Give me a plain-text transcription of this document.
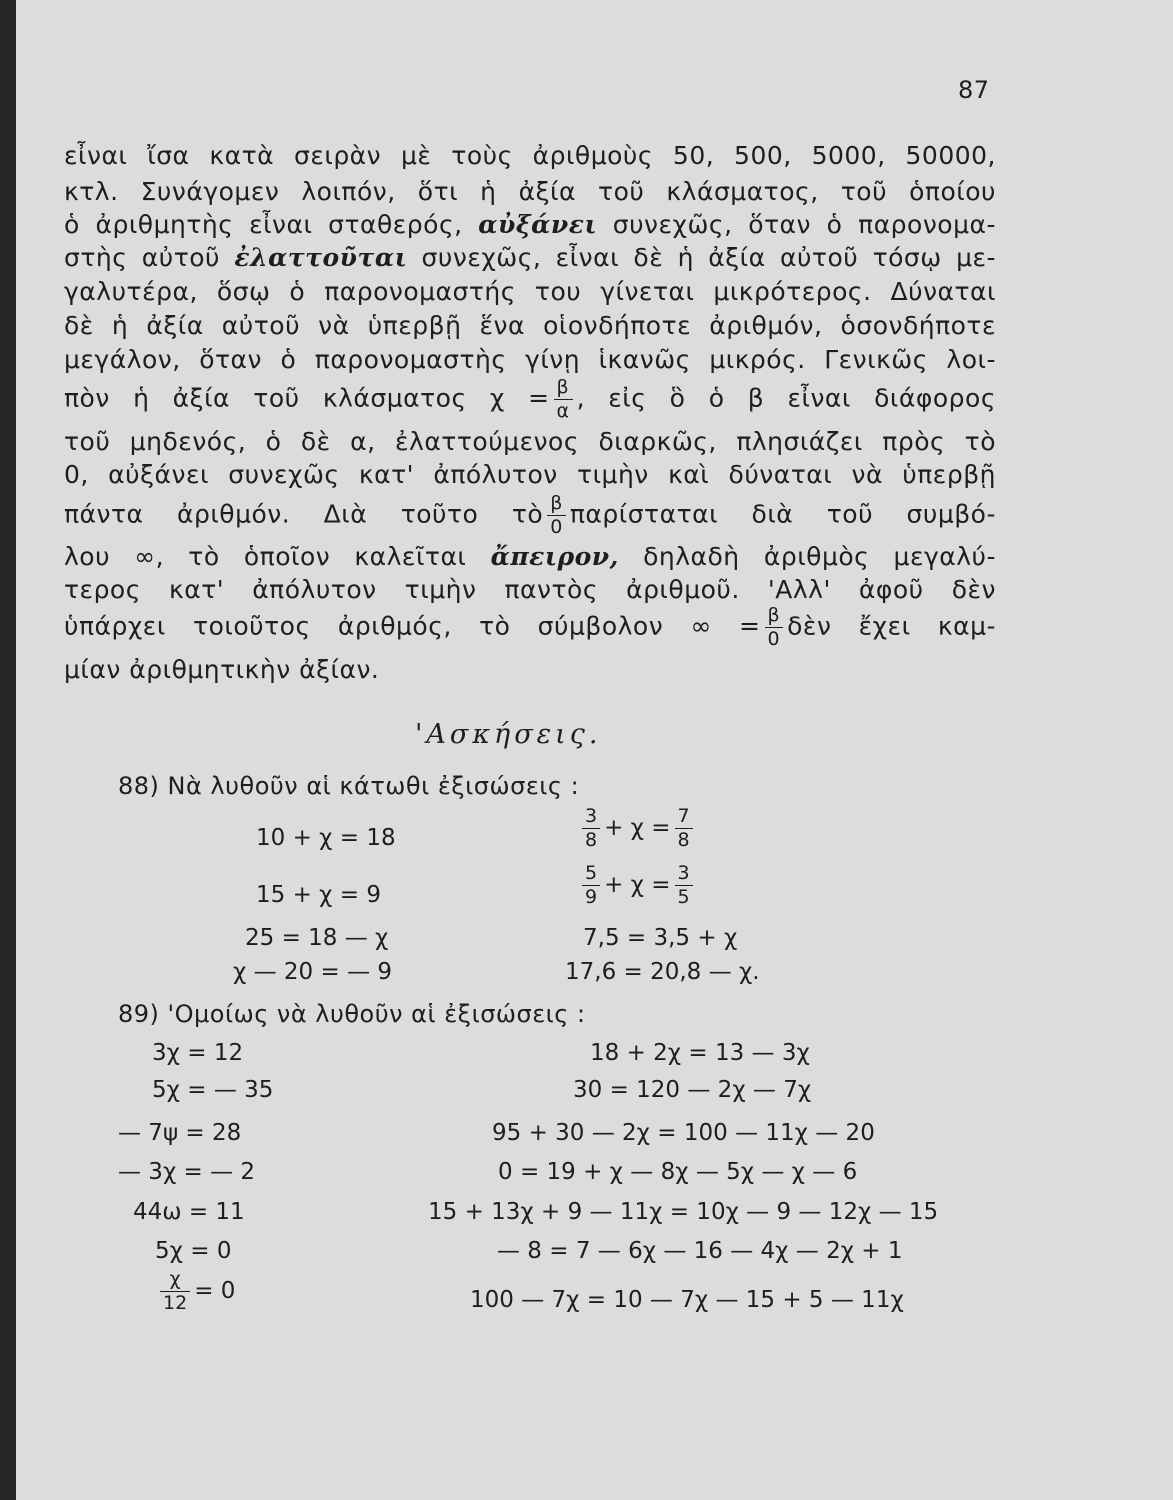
87
εἶναι ἴσα κατὰ σειρὰν μὲ τοὺς ἀριθμοὺς 50, 500, 5000, 50000,
κτλ. Συνάγομεν λοιπόν, ὅτι ἡ ἀξία τοῦ κλάσματος, τοῦ ὁποίου
ὁ ἀριθμητὴς εἶναι σταθερός, αὐξάνει συνεχῶς, ὅταν ὁ παρονομα-
στὴς αὐτοῦ ἐλαττοῦται συνεχῶς, εἶναι δὲ ἡ ἀξία αὐτοῦ τόσῳ με-
γαλυτέρα, ὅσῳ ὁ παρονομαστής του γίνεται μικρότερος. Δύναται
δὲ ἡ ἀξία αὐτοῦ νὰ ὑπερβῇ ἕνα οἱονδήποτε ἀριθμόν, ὁσονδήποτε
μεγάλον, ὅταν ὁ παρονομαστὴς γίνῃ ἱκανῶς μικρός. Γενικῶς λοι-
πὸν ἡ ἀξία τοῦ κλάσματος $\chi = \frac{\beta}{\alpha}$ , εἰς ὃ ὁ β εἶναι διάφορος
τοῦ μηδενός, ὁ δὲ α, ἐλαττούμενος διαρκῶς, πλησιάζει πρὸς τὸ
0, αὐξάνει συνεχῶς κατ' ἀπόλυτον τιμὴν καὶ δύναται νὰ ὑπερβῇ
πάντα ἀριθμόν. Διὰ τοῦτο τὸ $\frac{\beta}{0}$ παρίσταται διὰ τοῦ συμβό-
λου ∞, τὸ ὁποῖον καλεῖται ἄπειρον, δηλαδὴ ἀριθμὸς μεγαλύ-
τερος κατ' ἀπόλυτον τιμὴν παντὸς ἀριθμοῦ. 'Αλλ' ἀφοῦ δὲν
ὑπάρχει τοιοῦτος ἀριθμός, τὸ σύμβολον ∞ = $\frac{\beta}{0}$ δὲν ἔχει καμ-
μίαν ἀριθμητικὴν ἀξίαν.
'Ασκήσεις.
88) Νὰ λυθοῦν αἱ κάτωθι ἐξισώσεις :
10 + χ = 18
15 + χ = 9
25 = 18 — χ
χ — 20 = — 9
$\frac{3}{8} + \chi = \frac{7}{8}$
$\frac{5}{9} + \chi = \frac{3}{5}$
7,5 = 3,5 + χ
17,6 = 20,8 — χ.
89) 'Ομοίως νὰ λυθοῦν αἱ ἐξισώσεις :
3χ = 12
5χ = — 35
— 7ψ = 28
— 3χ = — 2
44ω = 11
5χ = 0
$\frac{\chi}{12} = 0$
18 + 2χ = 13 — 3χ
30 = 120 — 2χ — 7χ
95 + 30 — 2χ = 100 — 11χ — 20
0 = 19 + χ — 8χ — 5χ — χ — 6
15 + 13χ + 9 — 11χ = 10χ — 9 — 12χ — 15
— 8 = 7 — 6χ — 16 — 4χ — 2χ + 1
100 — 7χ = 10 — 7χ — 15 + 5 — 11χ
